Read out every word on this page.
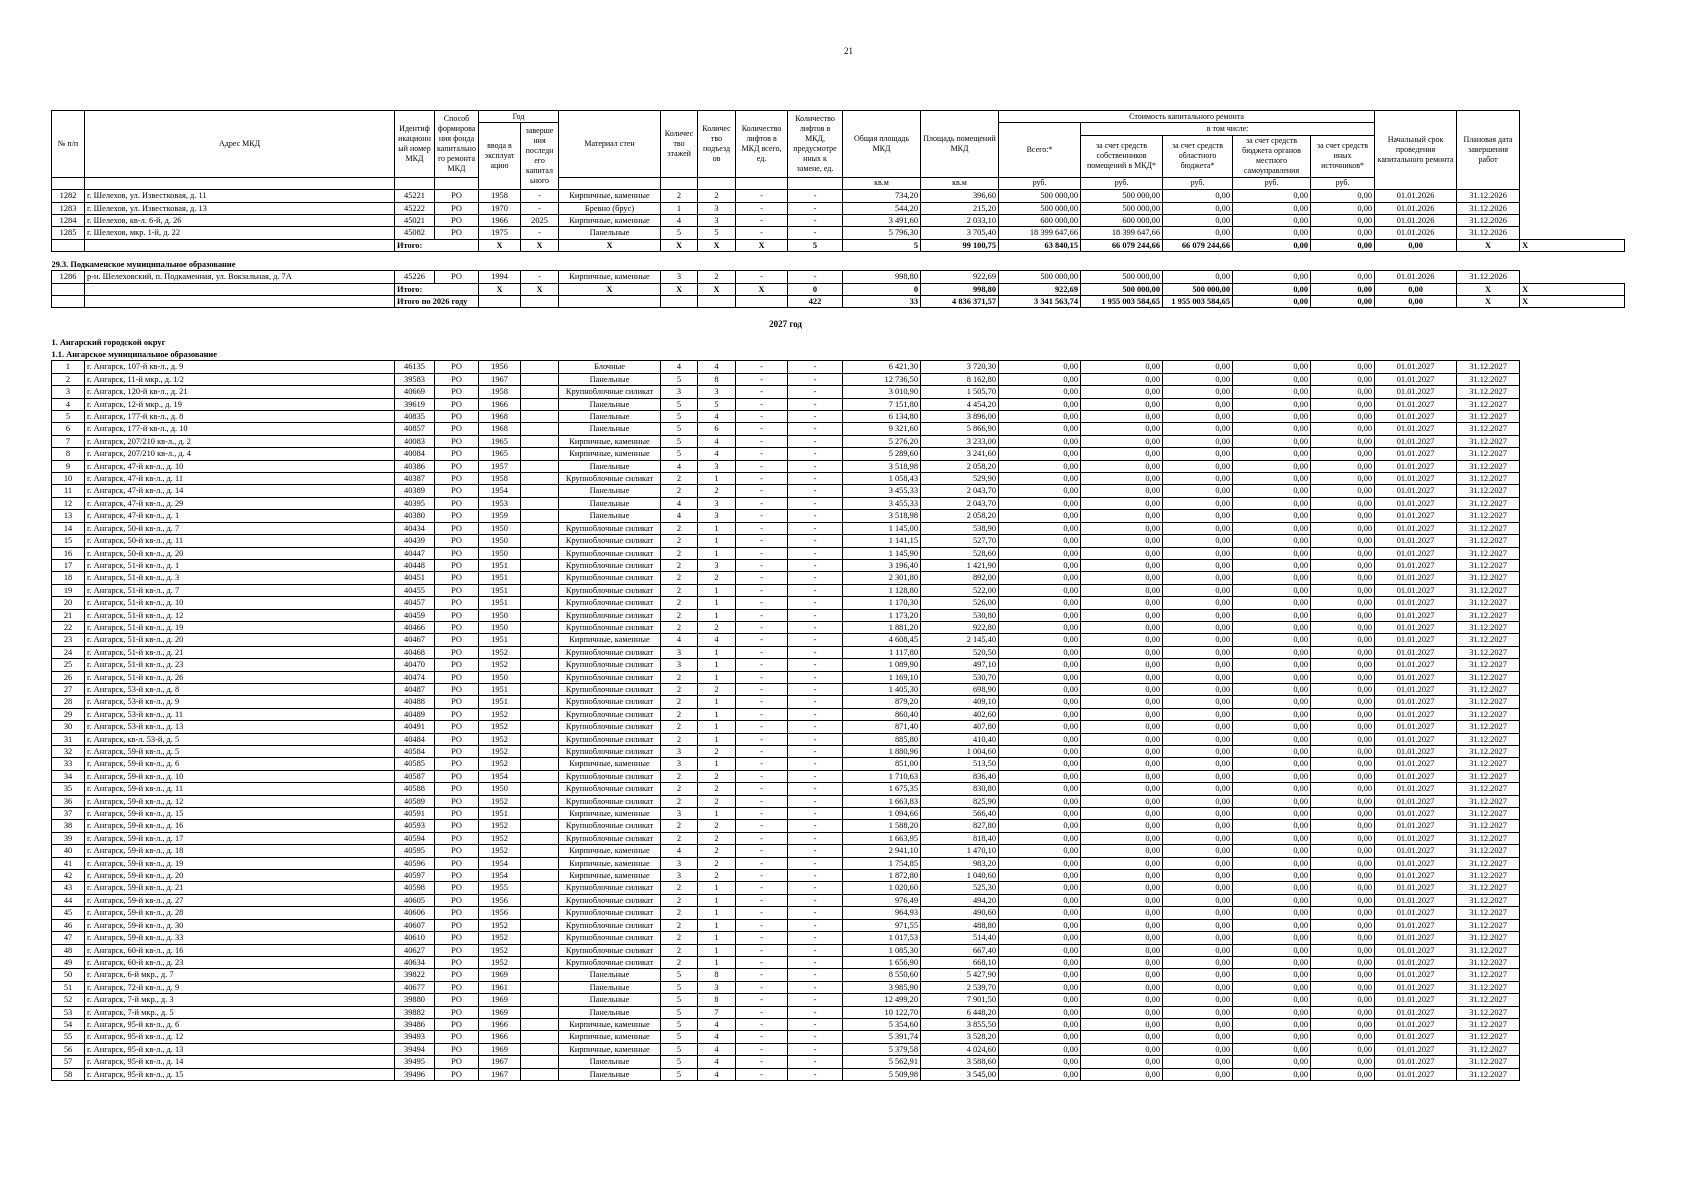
21
№ п/п	Адрес МКД	Идентиф икационн ый номер МКД	Способ формирова ния фонда капитально го ремонта МКД	Год		Материал стен	Количес тво этажей	Количес тво подъезд ов	Количество лифтов в МКД всего, ед.	Количество лифтов в МКД, предусмотре нных к замене, ед.	Общая площадь МКД	Площадь помещений МКД	Стоимость капитального ремонта					Начальный срок проведения капитального ремонта	Плановая дата завершения работ	
				ввода в эксплуат ацию	заверше ния последн его капитал ьного								Всего:*	в том числе:						
														за счет средств собственников помещений в МКД*	за счет средств областного бюджета*	за счет средств бюджета органов местного самоуправления	за счет средств иных источников*			
											кв.м	кв.м	руб.	руб.	руб.	руб.	руб.			
1282	г. Шелехов, ул. Известковая, д. 11	45221	РО	1958	-	Кирпичные, каменные	2	2	-	-	734,20	396,60	500 000,00	500 000,00	0,00	0,00	0,00	01.01.2026	31.12.2026	
1283	г. Шелехов, ул. Известковая, д. 13	45222	РО	1970	-	Бревно (брус)	1	3	-	-	544,20	215,20	500 000,00	500 000,00	0,00	0,00	0,00	01.01.2026	31.12.2026	
1284	г. Шелехов, кв-л. 6-й, д. 26	45021	РО	1966	2025	Кирпичные, каменные	4	3	-	-	3 491,60	2 033,10	600 000,00	600 000,00	0,00	0,00	0,00	01.01.2026	31.12.2026	
1285	г. Шелехов, мкр. 1-й, д. 22	45082	РО	1975	-	Панельные	5	5	-	-	5 796,30	3 705,40	18 399 647,66	18 399 647,66	0,00	0,00	0,00	01.01.2026	31.12.2026	
		Итого:		Х	Х	Х	Х	Х	Х	5	5	99 100,75	63 840,15	66 079 244,66	66 079 244,66	0,00	0,00	0,00	Х	Х

29.3. Подкаменское муниципальное образование																				
1286	р-н. Шелеховский, п. Подкаменная, ул. Вокзальная, д. 7А	45226	РО	1994	-	Кирпичные, каменные	3	2	-	-	998,80	922,69	500 000,00	500 000,00	0,00	0,00	0,00	01.01.2026	31.12.2026	
		Итого:		Х	Х	Х	Х	Х	Х	0	0	998,80	922,69	500 000,00	500 000,00	0,00	0,00	0,00	Х	Х
		Итого по 2026 году								422	33	4 836 371,57	3 341 563,74	1 955 003 584,65	1 955 003 584,65	0,00	0,00	0,00	Х	Х

2027 год																				

1. Ангарский городской округ																				
1.1. Ангарское муниципальное образование																				
1	г. Ангарск, 107-й кв-л., д. 9	46135	РО	1956		Блочные	4	4	-	-	6 421,30	3 720,30	0,00	0,00	0,00	0,00	0,00	01.01.2027	31.12.2027	
2	г. Ангарск, 11-й мкр., д. 1/2	39583	РО	1967		Панельные	5	8	-	-	12 736,50	8 162,80	0,00	0,00	0,00	0,00	0,00	01.01.2027	31.12.2027	
3	г. Ангарск, 120-й кв-л., д. 21	40669	РО	1958		Крупноблочные силикат	3	3	-	-	3 010,90	1 505,70	0,00	0,00	0,00	0,00	0,00	01.01.2027	31.12.2027	
4	г. Ангарск, 12-й мкр., д. 19	39619	РО	1966		Панельные	5	5	-	-	7 151,80	4 454,20	0,00	0,00	0,00	0,00	0,00	01.01.2027	31.12.2027	
5	г. Ангарск, 177-й кв-л., д. 8	40835	РО	1968		Панельные	5	4	-	-	6 134,80	3 896,00	0,00	0,00	0,00	0,00	0,00	01.01.2027	31.12.2027	
6	г. Ангарск, 177-й кв-л., д. 10	40857	РО	1968		Панельные	5	6	-	-	9 321,60	5 866,90	0,00	0,00	0,00	0,00	0,00	01.01.2027	31.12.2027	
7	г. Ангарск, 207/210 кв-л., д. 2	40083	РО	1965		Кирпичные, каменные	5	4	-	-	5 276,20	3 233,00	0,00	0,00	0,00	0,00	0,00	01.01.2027	31.12.2027	
8	г. Ангарск, 207/210 кв-л., д. 4	40084	РО	1965		Кирпичные, каменные	5	4	-	-	5 289,60	3 241,60	0,00	0,00	0,00	0,00	0,00	01.01.2027	31.12.2027	
9	г. Ангарск, 47-й кв-л., д. 10	40386	РО	1957		Панельные	4	3	-	-	3 518,98	2 058,20	0,00	0,00	0,00	0,00	0,00	01.01.2027	31.12.2027	
10	г. Ангарск, 47-й кв-л., д. 11	40387	РО	1958		Крупноблочные силикат	2	1	-	-	1 058,43	529,90	0,00	0,00	0,00	0,00	0,00	01.01.2027	31.12.2027	
11	г. Ангарск, 47-й кв-л., д. 14	40389	РО	1954		Панельные	2	2	-	-	3 455,33	2 043,70	0,00	0,00	0,00	0,00	0,00	01.01.2027	31.12.2027	
12	г. Ангарск, 47-й кв-л., д. 29	40395	РО	1953		Панельные	4	3	-	-	3 455,33	2 043,70	0,00	0,00	0,00	0,00	0,00	01.01.2027	31.12.2027	
13	г. Ангарск, 47-й кв-л., д. 1	40380	РО	1959		Панельные	4	3	-	-	3 518,98	2 058,20	0,00	0,00	0,00	0,00	0,00	01.01.2027	31.12.2027	
14	г. Ангарск, 50-й кв-л., д. 7	40434	РО	1950		Крупноблочные силикат	2	1	-	-	1 145,00	538,90	0,00	0,00	0,00	0,00	0,00	01.01.2027	31.12.2027	
15	г. Ангарск, 50-й кв-л., д. 11	40439	РО	1950		Крупноблочные силикат	2	1	-	-	1 141,15	527,70	0,00	0,00	0,00	0,00	0,00	01.01.2027	31.12.2027	
16	г. Ангарск, 50-й кв-л., д. 20	40447	РО	1950		Крупноблочные силикат	2	1	-	-	1 145,90	528,60	0,00	0,00	0,00	0,00	0,00	01.01.2027	31.12.2027	
17	г. Ангарск, 51-й кв-л., д. 1	40448	РО	1951		Крупноблочные силикат	2	3	-	-	3 196,40	1 421,90	0,00	0,00	0,00	0,00	0,00	01.01.2027	31.12.2027	
18	г. Ангарск, 51-й кв-л., д. 3	40451	РО	1951		Крупноблочные силикат	2	2	-	-	2 301,80	892,00	0,00	0,00	0,00	0,00	0,00	01.01.2027	31.12.2027	
19	г. Ангарск, 51-й кв-л., д. 7	40455	РО	1951		Крупноблочные силикат	2	1	-	-	1 128,80	522,00	0,00	0,00	0,00	0,00	0,00	01.01.2027	31.12.2027	
20	г. Ангарск, 51-й кв-л., д. 10	40457	РО	1951		Крупноблочные силикат	2	1	-	-	1 170,30	526,00	0,00	0,00	0,00	0,00	0,00	01.01.2027	31.12.2027	
21	г. Ангарск, 51-й кв-л., д. 12	40459	РО	1950		Крупноблочные силикат	2	1	-	-	1 173,20	530,80	0,00	0,00	0,00	0,00	0,00	01.01.2027	31.12.2027	
22	г. Ангарск, 51-й кв-л., д. 19	40466	РО	1950		Крупноблочные силикат	2	2	-	-	1 881,20	922,80	0,00	0,00	0,00	0,00	0,00	01.01.2027	31.12.2027	
23	г. Ангарск, 51-й кв-л., д. 20	40467	РО	1951		Кирпичные, каменные	4	4	-	-	4 608,45	2 145,40	0,00	0,00	0,00	0,00	0,00	01.01.2027	31.12.2027	
24	г. Ангарск, 51-й кв-л., д. 21	40468	РО	1952		Крупноблочные силикат	3	1	-	-	1 117,80	520,50	0,00	0,00	0,00	0,00	0,00	01.01.2027	31.12.2027	
25	г. Ангарск, 51-й кв-л., д. 23	40470	РО	1952		Крупноблочные силикат	3	1	-	-	1 089,90	497,10	0,00	0,00	0,00	0,00	0,00	01.01.2027	31.12.2027	
26	г. Ангарск, 51-й кв-л., д. 26	40474	РО	1950		Крупноблочные силикат	2	1	-	-	1 169,10	530,70	0,00	0,00	0,00	0,00	0,00	01.01.2027	31.12.2027	
27	г. Ангарск, 53-й кв-л., д. 8	40487	РО	1951		Крупноблочные силикат	2	2	-	-	1 405,30	698,90	0,00	0,00	0,00	0,00	0,00	01.01.2027	31.12.2027	
28	г. Ангарск, 53-й кв-л., д. 9	40488	РО	1951		Крупноблочные силикат	2	1	-	-	879,20	409,10	0,00	0,00	0,00	0,00	0,00	01.01.2027	31.12.2027	
29	г. Ангарск, 53-й кв-л., д. 11	40489	РО	1952		Крупноблочные силикат	2	1	-	-	860,40	402,60	0,00	0,00	0,00	0,00	0,00	01.01.2027	31.12.2027	
30	г. Ангарск, 53-й кв-л., д. 13	40491	РО	1952		Крупноблочные силикат	2	1	-	-	871,40	407,80	0,00	0,00	0,00	0,00	0,00	01.01.2027	31.12.2027	
31	г. Ангарск, кв-л. 53-й, д. 5	40484	РО	1952		Крупноблочные силикат	2	1	-	-	885,80	410,40	0,00	0,00	0,00	0,00	0,00	01.01.2027	31.12.2027	
32	г. Ангарск, 59-й кв-л., д. 5	40584	РО	1952		Крупноблочные силикат	3	2	-	-	1 880,96	1 004,60	0,00	0,00	0,00	0,00	0,00	01.01.2027	31.12.2027	
33	г. Ангарск, 59-й кв-л., д. 6	40585	РО	1952		Кирпичные, каменные	3	1	-	-	851,00	513,50	0,00	0,00	0,00	0,00	0,00	01.01.2027	31.12.2027	
34	г. Ангарск, 59-й кв-л., д. 10	40587	РО	1954		Крупноблочные силикат	2	2	-	-	1 710,63	836,40	0,00	0,00	0,00	0,00	0,00	01.01.2027	31.12.2027	
35	г. Ангарск, 59-й кв-л., д. 11	40588	РО	1950		Крупноблочные силикат	2	2	-	-	1 675,35	830,80	0,00	0,00	0,00	0,00	0,00	01.01.2027	31.12.2027	
36	г. Ангарск, 59-й кв-л., д. 12	40589	РО	1952		Крупноблочные силикат	2	2	-	-	1 663,83	825,90	0,00	0,00	0,00	0,00	0,00	01.01.2027	31.12.2027	
37	г. Ангарск, 59-й кв-л., д. 15	40591	РО	1951		Кирпичные, каменные	3	1	-	-	1 094,66	566,40	0,00	0,00	0,00	0,00	0,00	01.01.2027	31.12.2027	
38	г. Ангарск, 59-й кв-л., д. 16	40593	РО	1952		Крупноблочные силикат	2	2	-	-	1 588,20	827,80	0,00	0,00	0,00	0,00	0,00	01.01.2027	31.12.2027	
39	г. Ангарск, 59-й кв-л., д. 17	40594	РО	1952		Крупноблочные силикат	2	2	-	-	1 663,95	818,40	0,00	0,00	0,00	0,00	0,00	01.01.2027	31.12.2027	
40	г. Ангарск, 59-й кв-л., д. 18	40595	РО	1952		Кирпичные, каменные	4	2	-	-	2 941,10	1 470,10	0,00	0,00	0,00	0,00	0,00	01.01.2027	31.12.2027	
41	г. Ангарск, 59-й кв-л., д. 19	40596	РО	1954		Кирпичные, каменные	3	2	-	-	1 754,85	983,20	0,00	0,00	0,00	0,00	0,00	01.01.2027	31.12.2027	
42	г. Ангарск, 59-й кв-л., д. 20	40597	РО	1954		Кирпичные, каменные	3	2	-	-	1 872,80	1 040,60	0,00	0,00	0,00	0,00	0,00	01.01.2027	31.12.2027	
43	г. Ангарск, 59-й кв-л., д. 21	40598	РО	1955		Крупноблочные силикат	2	1	-	-	1 020,60	525,30	0,00	0,00	0,00	0,00	0,00	01.01.2027	31.12.2027	
44	г. Ангарск, 59-й кв-л., д. 27	40605	РО	1956		Крупноблочные силикат	2	1	-	-	976,49	494,20	0,00	0,00	0,00	0,00	0,00	01.01.2027	31.12.2027	
45	г. Ангарск, 59-й кв-л., д. 28	40606	РО	1956		Крупноблочные силикат	2	1	-	-	964,93	490,60	0,00	0,00	0,00	0,00	0,00	01.01.2027	31.12.2027	
46	г. Ангарск, 59-й кв-л., д. 30	40607	РО	1952		Крупноблочные силикат	2	1	-	-	971,55	488,80	0,00	0,00	0,00	0,00	0,00	01.01.2027	31.12.2027	
47	г. Ангарск, 59-й кв-л., д. 33	40610	РО	1952		Крупноблочные силикат	2	1	-	-	1 017,53	514,40	0,00	0,00	0,00	0,00	0,00	01.01.2027	31.12.2027	
48	г. Ангарск, 60-й кв-л., д. 16	40627	РО	1952		Крупноблочные силикат	2	1	-	-	1 085,30	667,40	0,00	0,00	0,00	0,00	0,00	01.01.2027	31.12.2027	
49	г. Ангарск, 60-й кв-л., д. 23	40634	РО	1952		Крупноблочные силикат	2	1	-	-	1 656,90	668,10	0,00	0,00	0,00	0,00	0,00	01.01.2027	31.12.2027	
50	г. Ангарск, 6-й мкр., д. 7	39822	РО	1969		Панельные	5	8	-	-	8 550,60	5 427,90	0,00	0,00	0,00	0,00	0,00	01.01.2027	31.12.2027	
51	г. Ангарск, 72-й кв-л., д. 9	40677	РО	1961		Панельные	5	3	-	-	3 985,90	2 539,70	0,00	0,00	0,00	0,00	0,00	01.01.2027	31.12.2027	
52	г. Ангарск, 7-й мкр., д. 3	39880	РО	1969		Панельные	5	8	-	-	12 499,20	7 901,50	0,00	0,00	0,00	0,00	0,00	01.01.2027	31.12.2027	
53	г. Ангарск, 7-й мкр., д. 5	39882	РО	1969		Панельные	5	7	-	-	10 122,70	6 448,20	0,00	0,00	0,00	0,00	0,00	01.01.2027	31.12.2027	
54	г. Ангарск, 95-й кв-л., д. 6	39486	РО	1966		Кирпичные, каменные	5	4	-	-	5 354,60	3 855,50	0,00	0,00	0,00	0,00	0,00	01.01.2027	31.12.2027	
55	г. Ангарск, 95-й кв-л., д. 12	39493	РО	1966		Кирпичные, каменные	5	4	-	-	5 391,74	3 528,20	0,00	0,00	0,00	0,00	0,00	01.01.2027	31.12.2027	
56	г. Ангарск, 95-й кв-л., д. 13	39494	РО	1969		Кирпичные, каменные	5	4	-	-	5 379,58	4 024,60	0,00	0,00	0,00	0,00	0,00	01.01.2027	31.12.2027	
57	г. Ангарск, 95-й кв-л., д. 14	39495	РО	1967		Панельные	5	4	-	-	5 562,91	3 588,60	0,00	0,00	0,00	0,00	0,00	01.01.2027	31.12.2027	
58	г. Ангарск, 95-й кв-л., д. 15	39496	РО	1967		Панельные	5	4	-	-	5 509,98	3 545,00	0,00	0,00	0,00	0,00	0,00	01.01.2027	31.12.2027	
